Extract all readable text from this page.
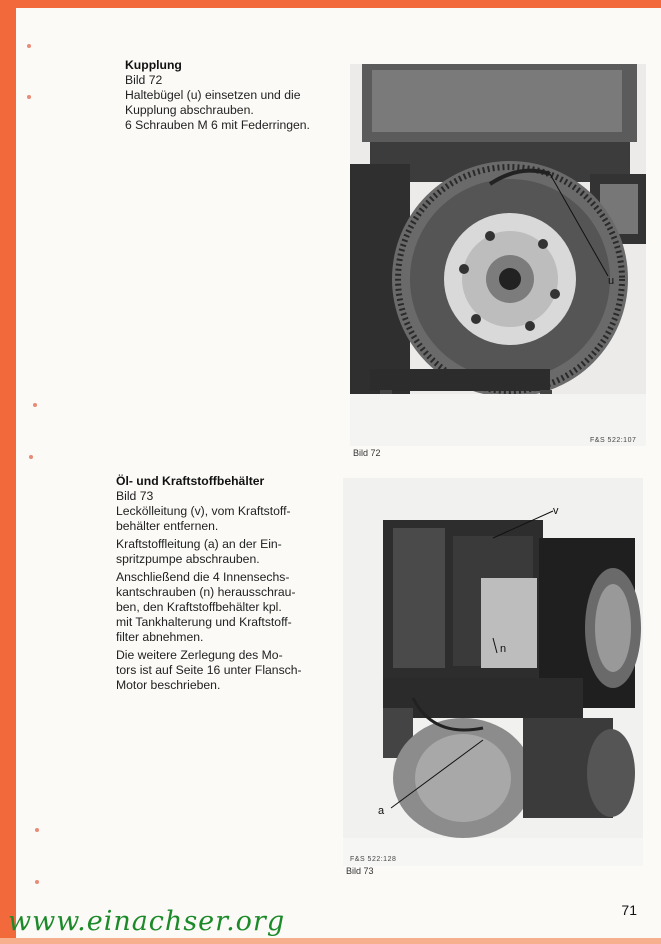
Kupplung

Bild 72

Haltebügel (u) einsetzen und die

Kupplung abschrauben.

6 Schrauben M 6 mit Federringen.

u
F&S 522:107
Bild 72

Öl- und Kraftstoffbehälter

Bild 73

Leckölleitung (v), vom Kraftstoff-

behälter entfernen.

Kraftstoffleitung (a) an der Ein-

spritzpumpe abschrauben.

Anschließend die 4 Innensechs-

kantschrauben (n) herausschrau-

ben, den Kraftstoffbehälter kpl.

mit Tankhalterung und Kraftstoff-

filter abnehmen.

Die weitere Zerlegung des Mo-

tors ist auf Seite 16 unter Flansch-

Motor beschrieben.

v
n
a
F&S 522:128
Bild 73
www.einachser.org	71
